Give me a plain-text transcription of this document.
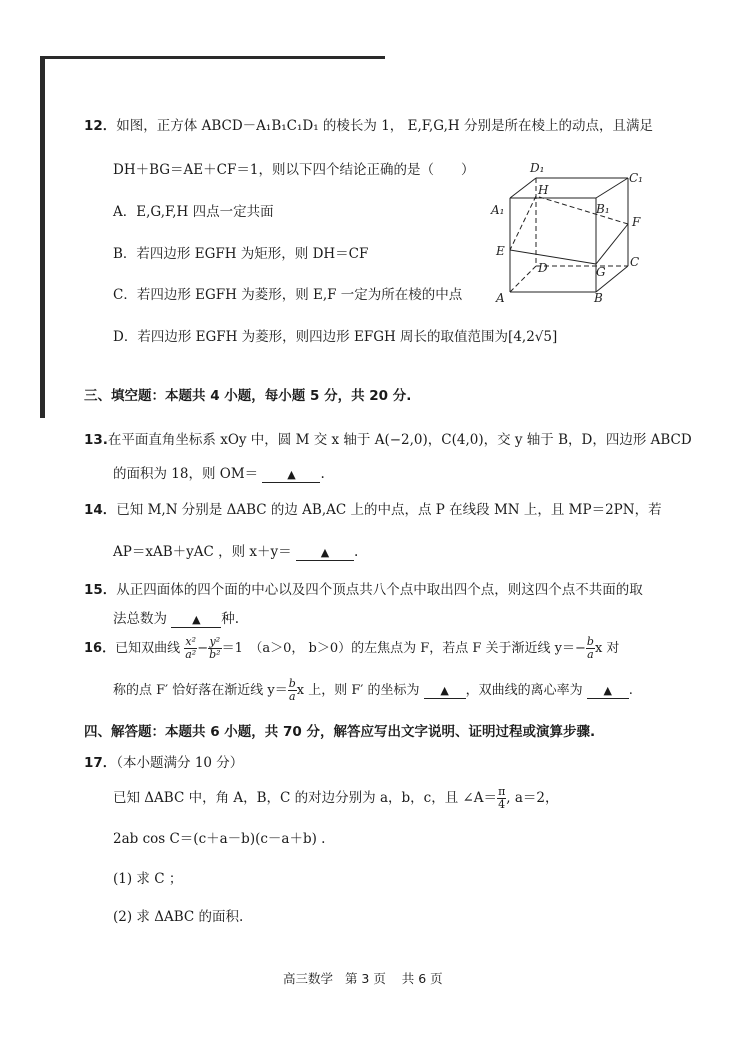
12．如图，正方体 ABCD－A₁B₁C₁D₁ 的棱长为 1， E,F,G,H 分别是所在棱上的动点，且满足
DH＋BG＝AE＋CF＝1，则以下四个结论正确的是（　　）
A．E,G,F,H 四点一定共面
B．若四边形 EGFH 为矩形，则 DH＝CF
C．若四边形 EGFH 为菱形，则 E,F 一定为所在棱的中点
D．若四边形 EGFH 为菱形，则四边形 EFGH 周长的取值范围为[4,2√5]
D₁
C₁
A₁	B₁
H
F
E
D	G
C
A	B
三、填空题：本题共 4 小题，每小题 5 分，共 20 分.
13.在平面直角坐标系 xOy 中，圆 M 交 x 轴于 A(−2,0)，C(4,0)，交 y 轴于 B，D，四边形 ABCD
的面积为 18，则 OM＝	▲ .
14．已知 M,N 分别是 ΔABC 的边 AB,AC 上的中点，点 P 在线段 MN 上，且 MP＝2PN，若
AP＝xAB＋yAC ，则 x＋y＝	▲ .
15．从正四面体的四个面的中心以及四个顶点共八个点中取出四个点，则这四个点不共面的取
法总数为 ▲ 种.
16．已知双曲线 $\frac{\text{x²}}{\text{a²}} - \frac{\text{y²}}{\text{b²}} =1$　（a＞0， b＞0）的左焦点为 F，若点 F 关于渐近线 $y=- \frac{b}{a}$ x 对
称的点 F′ 恰好落在渐近线 $y= \frac{b}{a}$ x 上，则 F′ 的坐标为 ▲ ，双曲线的离心率为 ▲ .
四、解答题：本题共 6 小题，共 70 分，解答应写出文字说明、证明过程或演算步骤.
17．（本小题满分 10 分）
已知 ΔABC 中，角 A，B，C 的对边分别为 a，b，c，且 ∠A＝ $\frac{\pi}{4}$ , a＝2，
2ab cos C＝(c＋a－b)(c－a＋b) .
(1) 求 C ；
(2) 求 ΔABC 的面积.
高三数学 第 3 页 共 6 页
